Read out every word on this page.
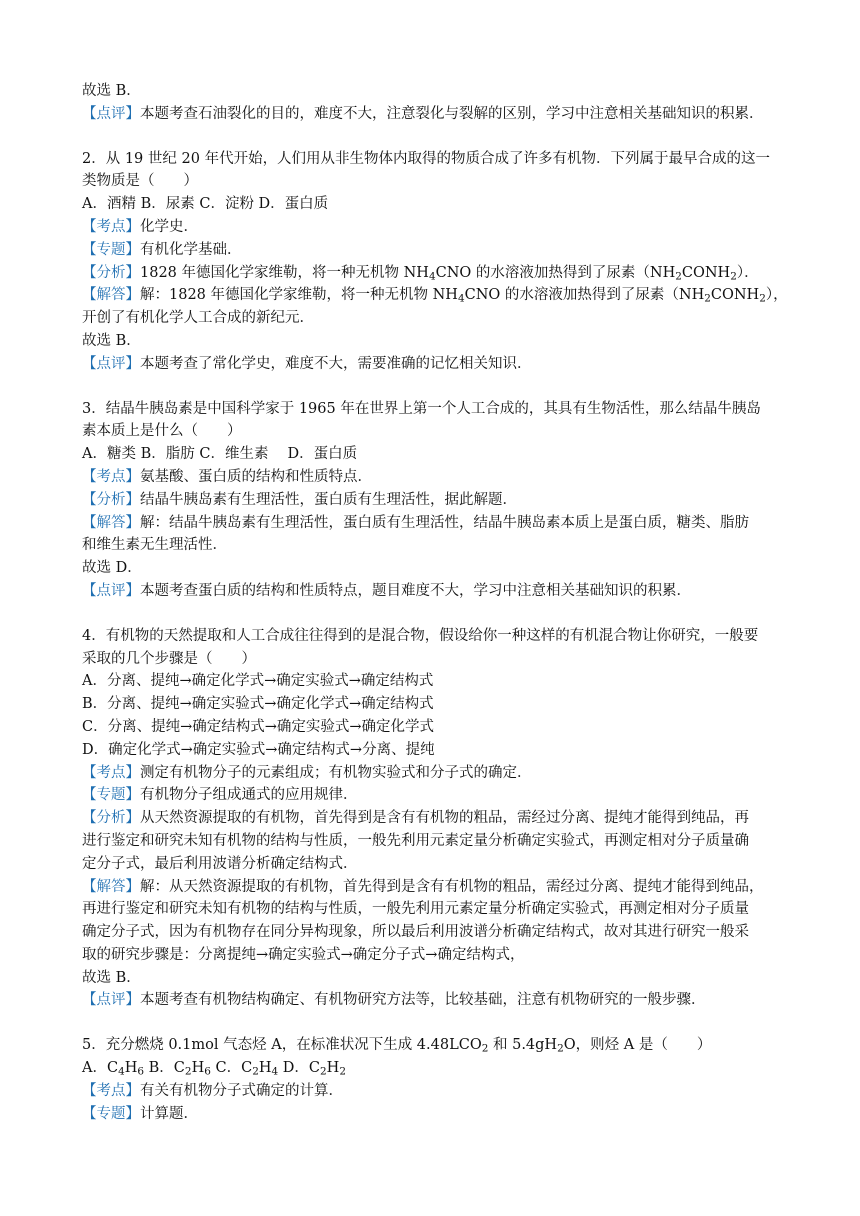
故选 B．
【点评】本题考查石油裂化的目的，难度不大，注意裂化与裂解的区别，学习中注意相关基础知识的积累．
2．从 19 世纪 20 年代开始，人们用从非生物体内取得的物质合成了许多有机物．下列属于最早合成的这一
类物质是（　　）
A．酒精 B．尿素 C．淀粉 D．蛋白质
【考点】化学史．
【专题】有机化学基础．
【分析】1828 年德国化学家维勒，将一种无机物 $NH_4CNO$ 的水溶液加热得到了尿素$(NH_2CONH_2)$．
【解答】解：1828 年德国化学家维勒，将一种无机物 $NH_4CNO$ 的水溶液加热得到了尿素$(NH_2CONH_2)$，
开创了有机化学人工合成的新纪元．
故选 B．
【点评】本题考查了常化学史，难度不大，需要准确的记忆相关知识．
3．结晶牛胰岛素是中国科学家于 1965 年在世界上第一个人工合成的，其具有生物活性，那么结晶牛胰岛
素本质上是什么（　　）
A．糖类 B．脂肪 C．维生素　 D．蛋白质
【考点】氨基酸、蛋白质的结构和性质特点．
【分析】结晶牛胰岛素有生理活性，蛋白质有生理活性，据此解题．
【解答】解：结晶牛胰岛素有生理活性，蛋白质有生理活性，结晶牛胰岛素本质上是蛋白质，糖类、脂肪
和维生素无生理活性．
故选 D．
【点评】本题考查蛋白质的结构和性质特点，题目难度不大，学习中注意相关基础知识的积累．
4．有机物的天然提取和人工合成往往得到的是混合物，假设给你一种这样的有机混合物让你研究，一般要
采取的几个步骤是（　　）
A．分离、提纯→确定化学式→确定实验式→确定结构式
B．分离、提纯→确定实验式→确定化学式→确定结构式
C．分离、提纯→确定结构式→确定实验式→确定化学式
D．确定化学式→确定实验式→确定结构式→分离、提纯
【考点】测定有机物分子的元素组成；有机物实验式和分子式的确定．
【专题】有机物分子组成通式的应用规律．
【分析】从天然资源提取的有机物，首先得到是含有有机物的粗品，需经过分离、提纯才能得到纯品，再
进行鉴定和研究未知有机物的结构与性质，一般先利用元素定量分析确定实验式，再测定相对分子质量确
定分子式，最后利用波谱分析确定结构式．
【解答】解：从天然资源提取的有机物，首先得到是含有有机物的粗品，需经过分离、提纯才能得到纯品，
再进行鉴定和研究未知有机物的结构与性质，一般先利用元素定量分析确定实验式，再测定相对分子质量
确定分子式，因为有机物存在同分异构现象，所以最后利用波谱分析确定结构式，故对其进行研究一般采
取的研究步骤是：分离提纯→确定实验式→确定分子式→确定结构式，
故选 B．
【点评】本题考查有机物结构确定、有机物研究方法等，比较基础，注意有机物研究的一般步骤．
5．充分燃烧 0.1mol 气态烃 A，在标准状况下生成 $4.48LCO_2$ 和 $5.4gH_2O$，则烃 A 是（　　）
A．$C_4H_6$ B．$C_2H_6$ C．$C_2H_4$ D．$C_2H_2$
【考点】有关有机物分子式确定的计算．
【专题】计算题．
